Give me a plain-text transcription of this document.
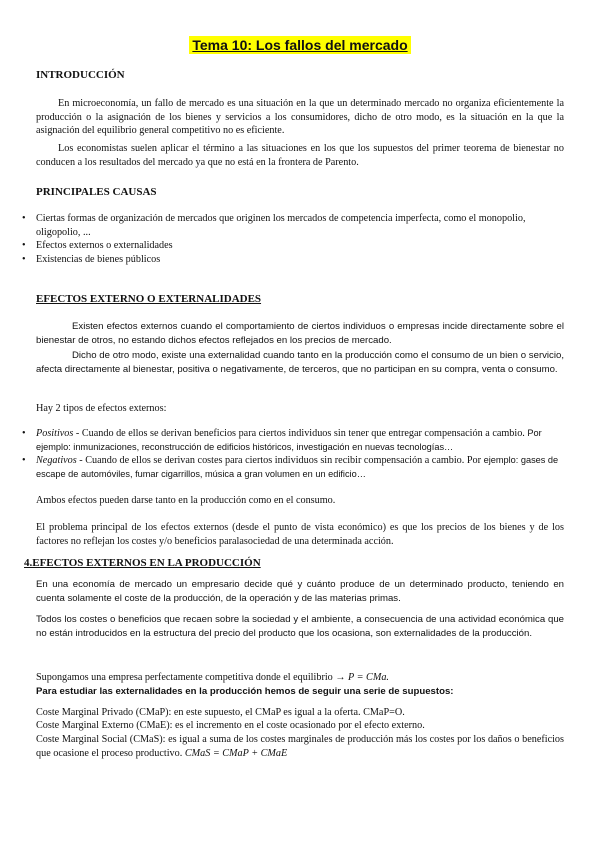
Tema 10: Los fallos del mercado
INTRODUCCIÓN
En microeconomía, un fallo de mercado es una situación en la que un determinado mercado no organiza eficientemente la producción o la asignación de los bienes y servicios a los consumidores, dicho de otro modo, es la situación en la que la asignación del equilibrio general competitivo no es eficiente.
Los economistas suelen aplicar el término a las situaciones en los que los supuestos del primer teorema de bienestar no conducen a los resultados del mercado ya que no está en la frontera de Parento.
PRINCIPALES CAUSAS
• Ciertas formas de organización de mercados que originen los mercados de competencia imperfecta, como el monopolio, oligopolio, ...
• Efectos externos o externalidades
• Existencias de bienes públicos
EFECTOS EXTERNO O EXTERNALIDADES
Existen efectos externos cuando el comportamiento de ciertos individuos o empresas incide directamente sobre el bienestar de otros, no estando dichos efectos reflejados en los precios de mercado.
Dicho de otro modo, existe una externalidad cuando tanto en la producción como el consumo de un bien o servicio, afecta directamente al bienestar, positiva o negativamente, de terceros, que no participan en su compra, venta o consumo.
Hay 2 tipos de efectos externos:
• Positivos - Cuando de ellos se derivan beneficios para ciertos individuos sin tener que entregar compensación a cambio. Por ejemplo: inmunizaciones, reconstrucción de edificios históricos, investigación en nuevas tecnologías…
• Negativos - Cuando de ellos se derivan costes para ciertos individuos sin recibir compensación a cambio. Por ejemplo: gases de escape de automóviles, fumar cigarrillos, música a gran volumen en un edificio…
Ambos efectos pueden darse tanto en la producción como en el consumo.
El problema principal de los efectos externos (desde el punto de vista económico) es que los precios de los bienes y de los factores no reflejan los costes y/o beneficios paralasociedad de una determinada acción.
4.EFECTOS EXTERNOS EN LA PRODUCCIÓN
En una economía de mercado un empresario decide qué y cuánto produce de un determinado producto, teniendo en cuenta solamente el coste de la producción, de la operación y de las materias primas.
Todos los costes o beneficios que recaen sobre la sociedad y el ambiente, a consecuencia de una actividad económica que no están introducidos en la estructura del precio del producto que los ocasiona, son externalidades de la producción.
Supongamos una empresa perfectamente competitiva donde el equilibrio → P = CMa.
Para estudiar las externalidades en la producción hemos de seguir una serie de supuestos:
Coste Marginal Privado (CMaP): en este supuesto, el CMaP es igual a la oferta. CMaP=O.
Coste Marginal Externo (CMaE): es el incremento en el coste ocasionado por el efecto externo.
Coste Marginal Social (CMaS): es igual a suma de los costes marginales de producción más los costes por los daños o beneficios que ocasione el proceso productivo. CMaS = CMaP + CMaE
